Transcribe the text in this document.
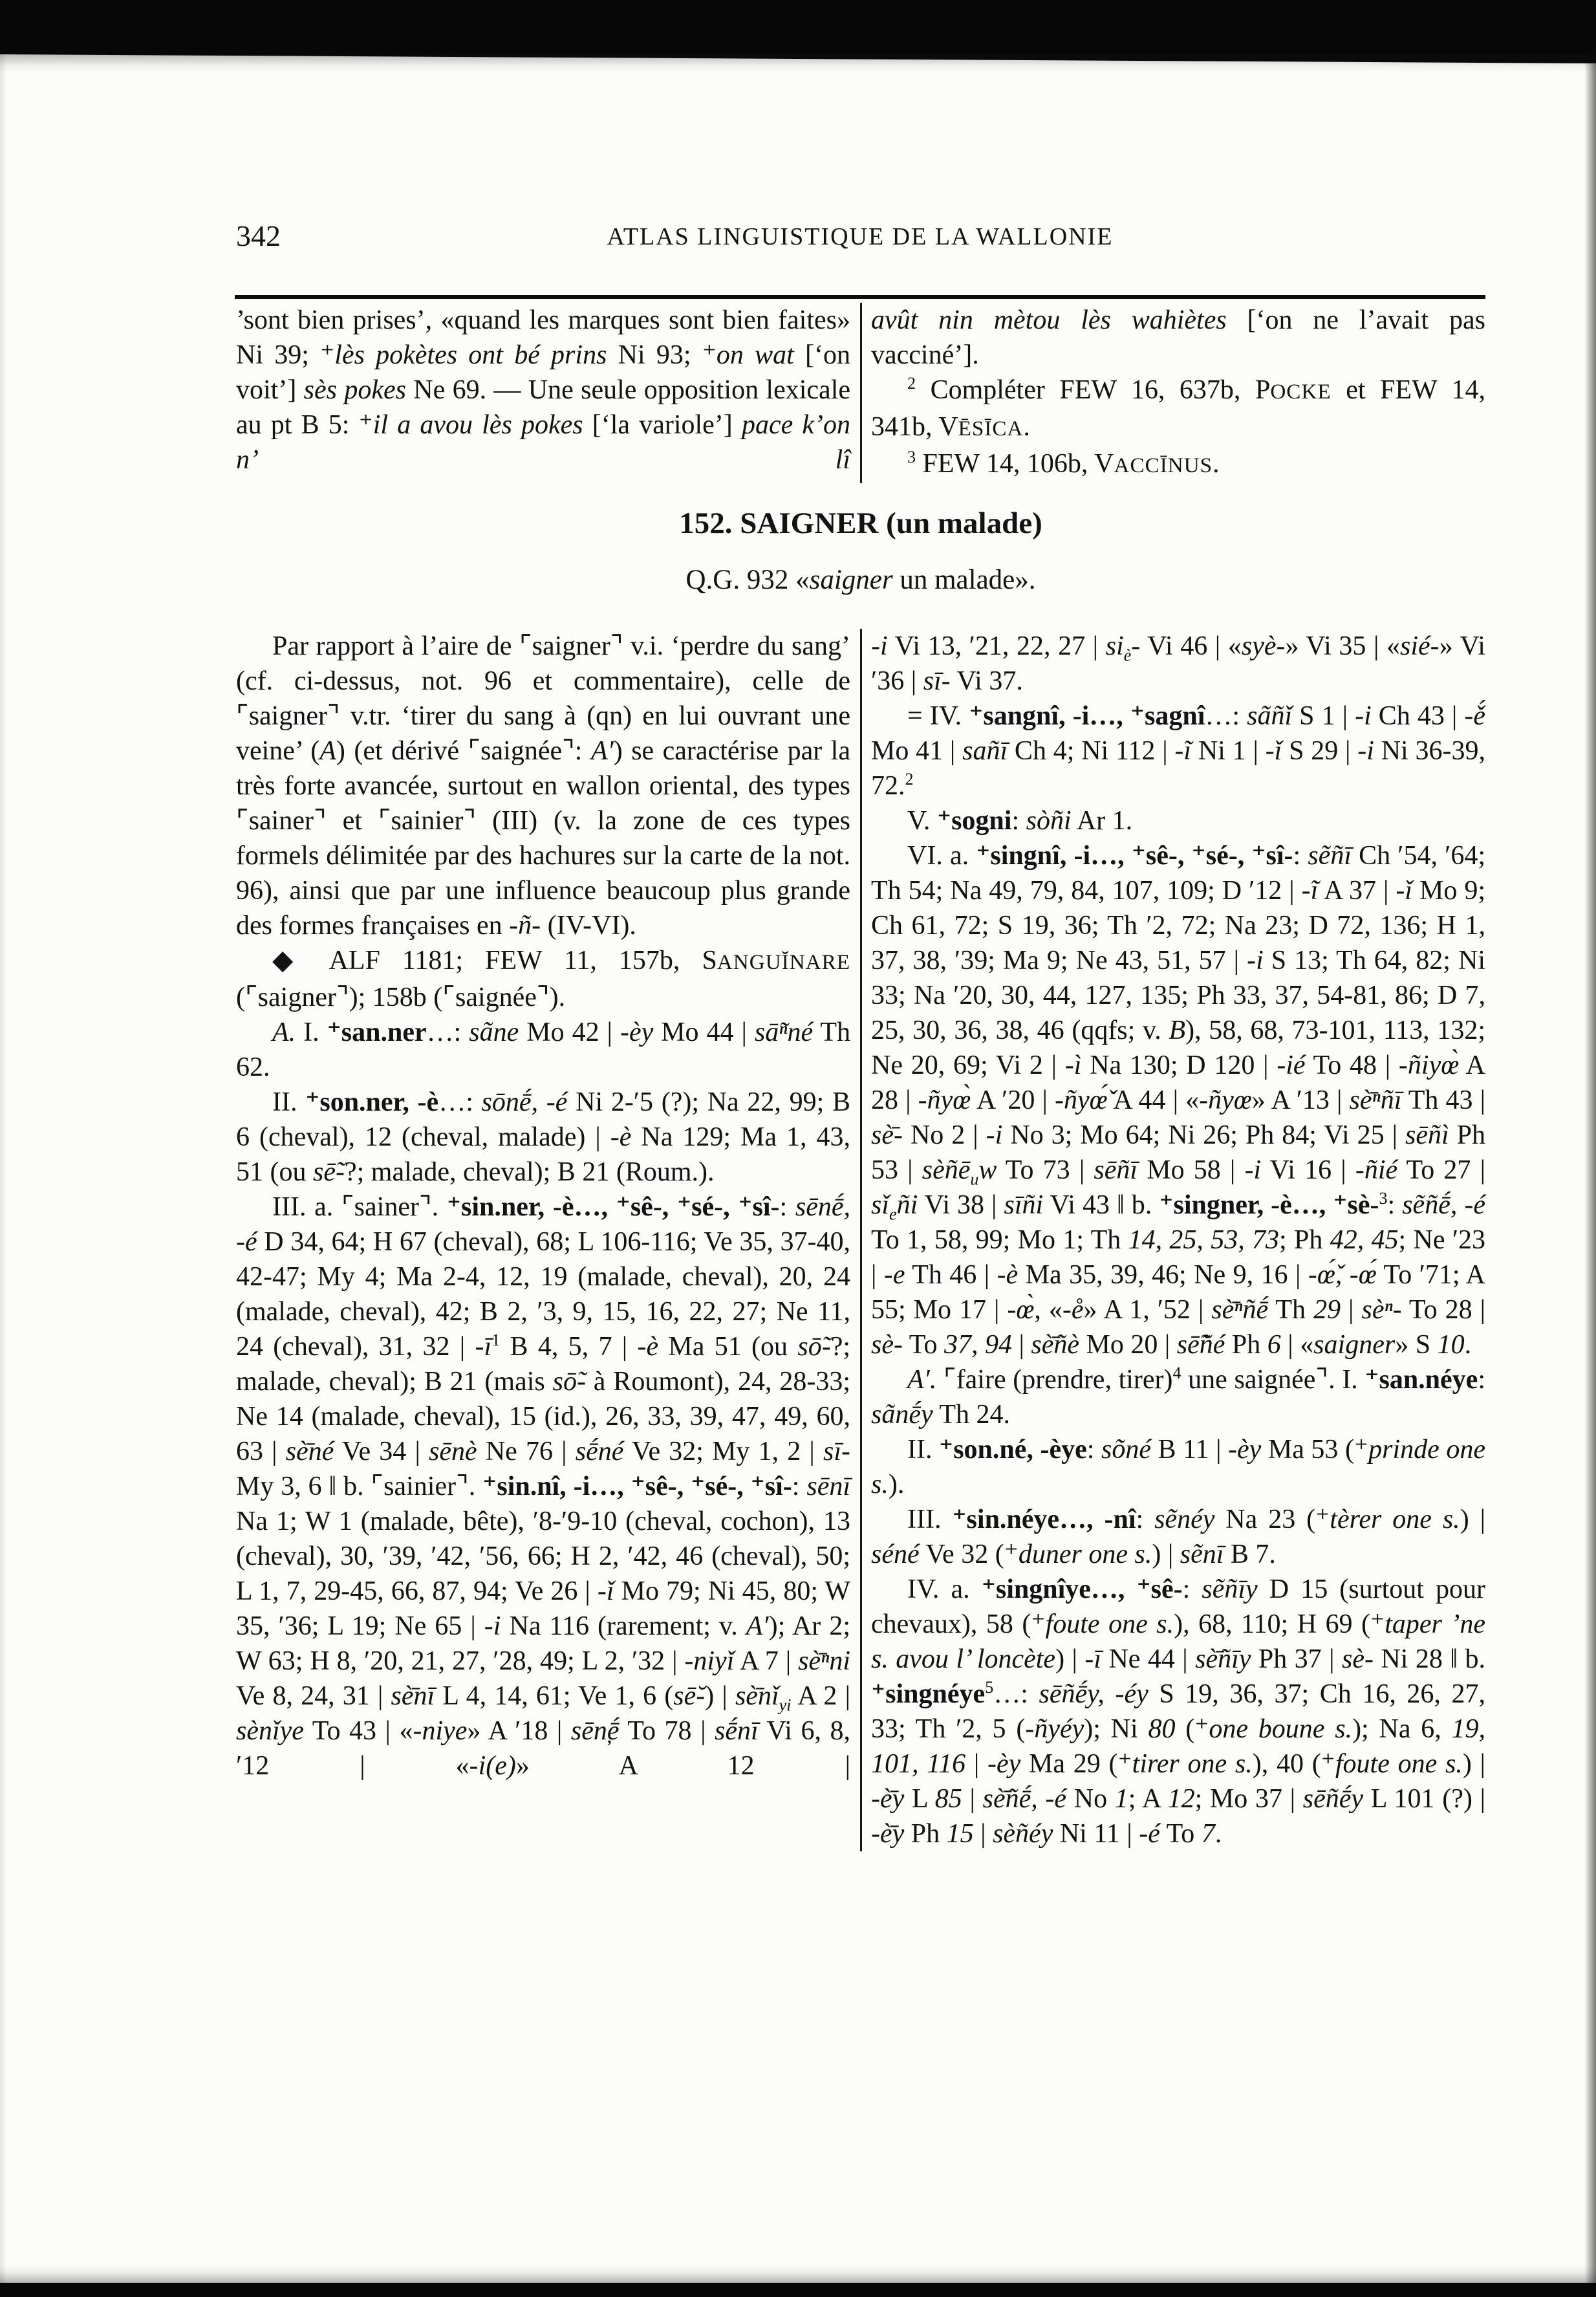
342	ATLAS LINGUISTIQUE DE LA WALLONIE

’sont bien prises’, «quand les marques sont bien faites» Ni 39; ⁺lès pokètes ont bé prins Ni 93; ⁺on wat [‘on voit’] sès pokes Ne 69. — Une seule opposition lexicale au pt B 5: ⁺il a avou lès pokes [‘la variole’] pace k’on n’ lî

avût nin mètou lès wahiètes [‘on ne l’avait pas vacciné’].

$^2$ Compléter FEW 16, 637b, POCKE et FEW 14, 341b, VĒSĪCA.

$^3$ FEW 14, 106b, VACCĪNUS.

152. SAIGNER (un malade)

Q.G. 932 «saigner un malade».

Par rapport à l’aire de ⌜saigner⌝ v.i. ‘perdre du sang’ (cf. ci-dessus, not. 96 et commentaire), celle de ⌜saigner⌝ v.tr. ‘tirer du sang à (qn) en lui ouvrant une veine’ (A) (et dérivé ⌜saignée⌝: A′) se caractérise par la très forte avancée, surtout en wallon oriental, des types ⌜sainer⌝ et ⌜sainier⌝ (III) (v. la zone de ces types formels délimitée par des hachures sur la carte de la not. 96), ainsi que par une influence beaucoup plus grande des formes françaises en -ñ- (IV-VI).

◆ ALF 1181; FEW 11, 157b, SANGUĬNARE (⌜saigner⌝); 158b (⌜saignée⌝).

A. I. ⁺san.ner…: sãne Mo 42 | -èy Mo 44 | sā̃ⁿné Th 62.

II. ⁺son.ner, -è…: sōnḗ, -é Ni 2-′5 (?); Na 22, 99; B 6 (cheval), 12 (cheval, malade) | -è Na 129; Ma 1, 43, 51 (ou sē̃-?; malade, cheval); B 21 (Roum.).

III. a. ⌜sainer⌝. ⁺sin.ner, -è…, ⁺sê-, ⁺sé-, ⁺sî-: sēnḗ, -é D 34, 64; H 67 (cheval), 68; L 106-116; Ve 35, 37-40, 42-47; My 4; Ma 2-4, 12, 19 (malade, cheval), 20, 24 (malade, cheval), 42; B 2, ′3, 9, 15, 16, 22, 27; Ne 11, 24 (cheval), 31, 32 | $-ī^1$ B 4, 5, 7 | -è Ma 51 (ou sō̃-?; malade, cheval); B 21 (mais sō̃- à Roumont), 24, 28-33; Ne 14 (malade, cheval), 15 (id.), 26, 33, 39, 47, 49, 60, 63 | sè̄né Ve 34 | sēnè Ne 76 | sḗné Ve 32; My 1, 2 | sī- My 3, 6 ‖ b. ⌜sainier⌝. ⁺sin.nî, -i…, ⁺sê-, ⁺sé-, ⁺sî-: sēnī Na 1; W 1 (malade, bête), ′8-′9-10 (cheval, cochon), 13 (cheval), 30, ′39, ′42, ′56, 66; H 2, ′42, 46 (cheval), 50; L 1, 7, 29-45, 66, 87, 94; Ve 26 | -ǐ Mo 79; Ni 45, 80; W 35, ′36; L 19; Ne 65 | -i Na 116 (rarement; v. A′); Ar 2; W 63; H 8, ′20, 21, 27, ′28, 49; L 2, ′32 | -niyǐ A 7 | sè̄ⁿni Ve 8, 24, 31 | sè̄nī L 4, 14, 61; Ve 1, 6 (sē̆-) | $sè̄nǐ_{yi}$ A 2 | sènǐye To 43 | «-niye» A ′18 | sēn̦ḗ To 78 | sḗnī Vi 6, 8, ′12 | «-i(e)» A 12 |

-i Vi 13, ′21, 22, 27 | $si_è-$ Vi 46 | «syè-» Vi 35 | «sié-» Vi ′36 | sī- Vi 37.

= IV. ⁺sangnî, -i…, ⁺sagnî…: sãñǐ S 1 | -i Ch 43 | -ě́ Mo 41 | sañī Ch 4; Ni 112 | -ĩ Ni 1 | -ǐ S 29 | -i Ni 36-39, 72.$^2$

V. ⁺sogni: sòñi Ar 1.

VI. a. ⁺singnî, -i…, ⁺sê-, ⁺sé-, ⁺sî-: sẽñī Ch ′54, ′64; Th 54; Na 49, 79, 84, 107, 109; D ′12 | -ĩ A 37 | -ǐ Mo 9; Ch 61, 72; S 19, 36; Th ′2, 72; Na 23; D 72, 136; H 1, 37, 38, ′39; Ma 9; Ne 43, 51, 57 | -i S 13; Th 64, 82; Ni 33; Na ′20, 30, 44, 127, 135; Ph 33, 37, 54-81, 86; D 7, 25, 30, 36, 38, 46 (qqfs; v. B), 58, 68, 73-101, 113, 132; Ne 20, 69; Vi 2 | -ì Na 130; D 120 | -ié To 48 | -ñiyœ̀ A 28 | -ñyœ̀ A ′20 | -ñyœ̌́ A 44 | «-ñyœ» A ′13 | sè̄ⁿñī Th 43 | sè̄- No 2 | -i No 3; Mo 64; Ni 26; Ph 84; Vi 25 | sēñì Ph 53 | sèñē$_u$w To 73 | sēñī Mo 58 | -i Vi 16 | -ñié To 27 | $sǐ_eñi$ Vi 38 | sīñi Vi 43 ‖ b. ⁺singner, -è…, ⁺sè-$^3$: sẽñḗ, -é To 1, 58, 99; Mo 1; Th 14, 25, 53, 73; Ph 42, 45; Ne ′23 | -e Th 46 | -è Ma 35, 39, 46; Ne 9, 16 | -œ̌́, -œ́ To ′71; A 55; Mo 17 | -œ̀, «-e̊» A 1, ′52 | sè̄ⁿñḗ Th 29 | sèⁿ- To 28 | sè- To 37, 94 | sè̄ñè Mo 20 | sē̃ñé Ph 6 | «saigner» S 10.

A′. ⌜faire (prendre, tirer)$^4$ une saignée⌝. I. ⁺san.néye: sãnḗy Th 24.

II. ⁺son.né, -èye: sõné B 11 | -èy Ma 53 (⁺prinde one s.).

III. ⁺sin.néye…, -nî: sẽnéy Na 23 (⁺tèrer one s.) | séné Ve 32 (⁺duner one s.) | sẽnī B 7.

IV. a. ⁺singnîye…, ⁺sê-: sẽñīy D 15 (surtout pour chevaux), 58 (⁺foute one s.), 68, 110; H 69 (⁺taper ’ne s. avou l’ loncète) | -ī Ne 44 | sè̄ñīy Ph 37 | sè- Ni 28 ‖ b. ⁺singnéye$^5$…: sēñḗy, -éy S 19, 36, 37; Ch 16, 26, 27, 33; Th ′2, 5 (-ñyéy); Ni 80 (⁺one boune s.); Na 6, 19, 101, 116 | -èy Ma 29 (⁺tirer one s.), 40 (⁺foute one s.) | -è̄y L 85 | sè̄ñḗ, -é No 1; A 12; Mo 37 | sēñḗy L 101 (?) | -è̄y Ph 15 | sèñéy Ni 11 | -é To 7.
